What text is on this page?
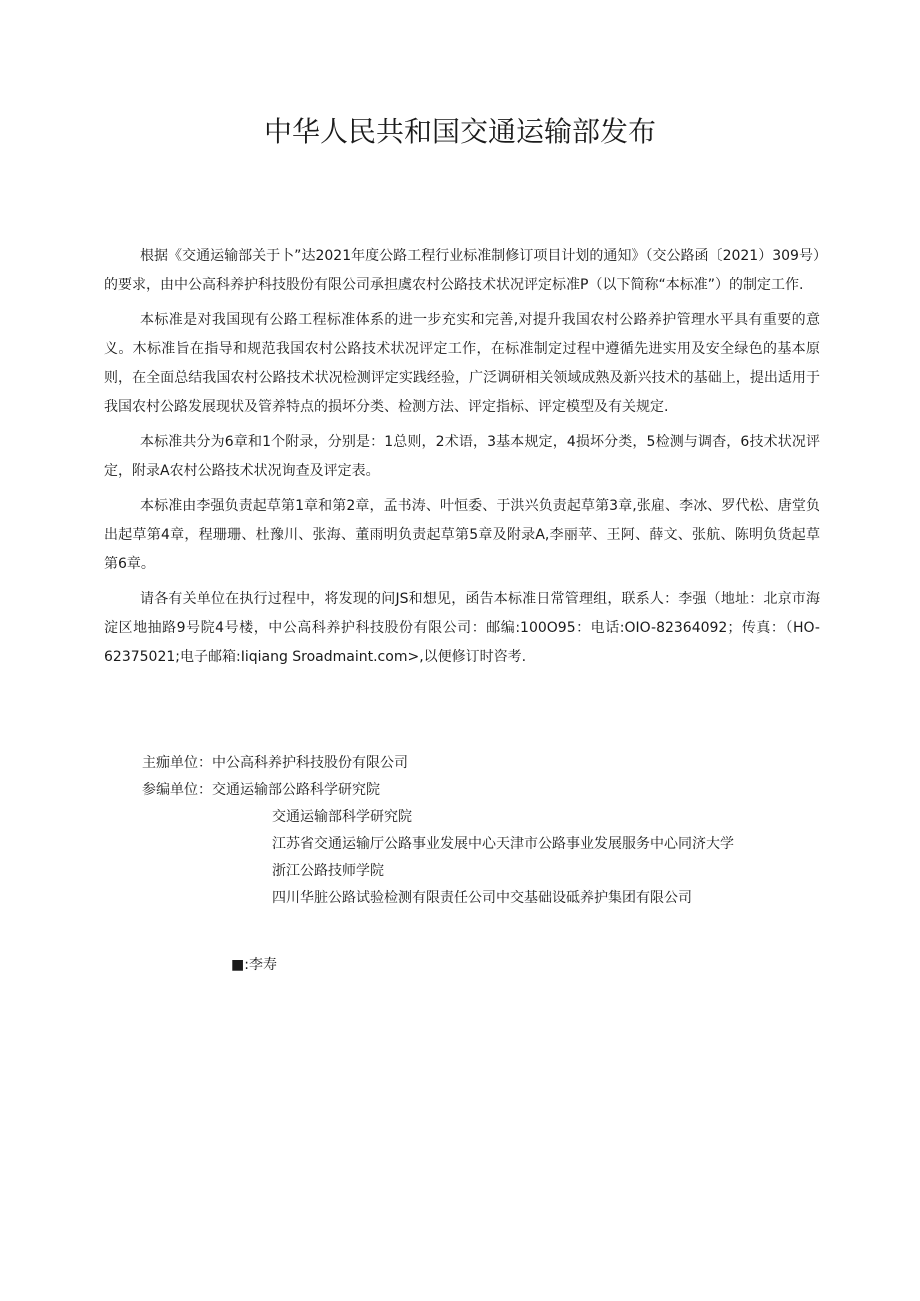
中华人民共和国交通运输部发布

根据《交通运输部关于卜”达2021年度公路工程行业标准制修订项目计划的通知》（交公路函〔2021）309号）的要求，由中公高科养护科技股份有限公司承担虞农村公路技术状况评定标准P（以下简称“本标准”）的制定工作.

本标准是对我国现有公路工程标准体系的进一步充实和完善,对提升我国农村公路养护管理水平具有重要的意义。木标准旨在指导和规范我国农村公路技术状况评定工作，在标准制定过程中遵循先进实用及安全绿色的基本原则，在全面总结我国农村公路技术状况检测评定实践经验，广泛调研相关领域成熟及新兴技术的基础上，提出适用于我国农村公路发展现状及管养特点的损坏分类、检测方法、评定指标、评定模型及有关规定.

本标准共分为6章和1个附录，分别是：1总则，2术语，3基本规定，4损坏分类，5检测与调杳，6技术状况评定，附录A农村公路技术状况询查及评定表。

本标准由李强负责起草第1章和第2章，孟书涛、叶恒委、于洪兴负责起草第3章,张雇、李冰、罗代松、唐堂负出起草第4章，程珊珊、杜豫川、张海、董雨明负责起草第5章及附录A,李丽苹、王阿、薛文、张航、陈明负货起草第6章。

请各有关单位在执行过程中，将发现的问JS和想见，函告本标准日常管理组，联系人：李强（地址：北京市海淀区地抽路9号院4号楼，中公高科养护科技股份有限公司：邮编:100O95：电话:OIO-82364092；传真：（HO-62375021;电子邮箱:Iiqiang Sroadmaint.com>,以便修订时咨考.

主痂单位：中公高科养护科技股份有限公司
参编单位：交通运输部公路科学研究院
交通运输部科学研究院
江苏省交通运输厅公路事业发展中心天津市公路事业发展服务中心同济大学
浙江公路技师学院
四川华脏公路试验检测有限责任公司中交基础设砥养护集团有限公司
■:李寿
